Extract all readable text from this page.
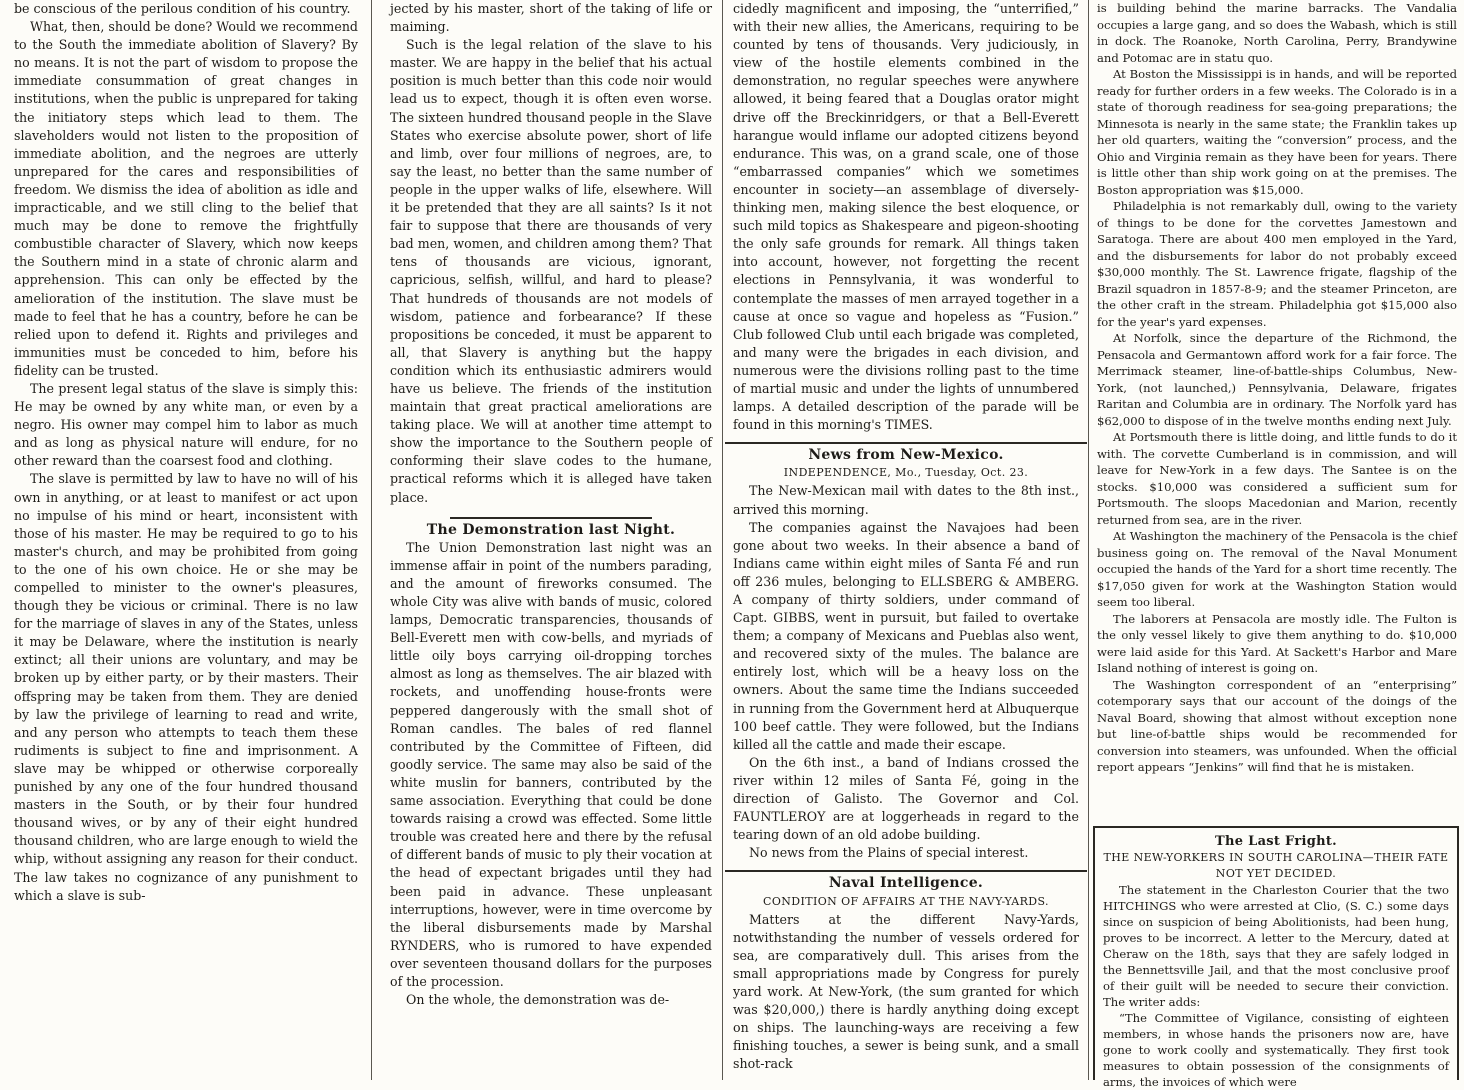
be conscious of the perilous condition of his country.

What, then, should be done? Would we recommend to the South the immediate abolition of Slavery? By no means. It is not the part of wisdom to propose the immediate consummation of great changes in institutions, when the public is unprepared for taking the initiatory steps which lead to them. The slaveholders would not listen to the proposition of immediate abolition, and the negroes are utterly unprepared for the cares and responsibilities of freedom. We dismiss the idea of abolition as idle and impracticable, and we still cling to the belief that much may be done to remove the frightfully combustible character of Slavery, which now keeps the Southern mind in a state of chronic alarm and apprehension. This can only be effected by the amelioration of the institution. The slave must be made to feel that he has a country, before he can be relied upon to defend it. Rights and privileges and immunities must be conceded to him, before his fidelity can be trusted.

The present legal status of the slave is simply this: He may be owned by any white man, or even by a negro. His owner may compel him to labor as much and as long as physical nature will endure, for no other reward than the coarsest food and clothing.

The slave is permitted by law to have no will of his own in anything, or at least to manifest or act upon no impulse of his mind or heart, inconsistent with those of his master. He may be required to go to his master's church, and may be prohibited from going to the one of his own choice. He or she may be compelled to minister to the owner's pleasures, though they be vicious or criminal. There is no law for the marriage of slaves in any of the States, unless it may be Delaware, where the institution is nearly extinct; all their unions are voluntary, and may be broken up by either party, or by their masters. Their offspring may be taken from them. They are denied by law the privilege of learning to read and write, and any person who attempts to teach them these rudiments is subject to fine and imprisonment. A slave may be whipped or otherwise corporeally punished by any one of the four hundred thousand masters in the South, or by their four hundred thousand wives, or by any of their eight hundred thousand children, who are large enough to wield the whip, without assigning any reason for their conduct. The law takes no cognizance of any punishment to which a slave is sub-

jected by his master, short of the taking of life or maiming.

Such is the legal relation of the slave to his master. We are happy in the belief that his actual position is much better than this code noir would lead us to expect, though it is often even worse. The sixteen hundred thousand people in the Slave States who exercise absolute power, short of life and limb, over four millions of negroes, are, to say the least, no better than the same number of people in the upper walks of life, elsewhere. Will it be pretended that they are all saints? Is it not fair to suppose that there are thousands of very bad men, women, and children among them? That tens of thousands are vicious, ignorant, capricious, selfish, willful, and hard to please? That hundreds of thousands are not models of wisdom, patience and forbearance? If these propositions be conceded, it must be apparent to all, that Slavery is anything but the happy condition which its enthusiastic admirers would have us believe. The friends of the institution maintain that great practical ameliorations are taking place. We will at another time attempt to show the importance to the Southern people of conforming their slave codes to the humane, practical reforms which it is alleged have taken place.

The Demonstration last Night.

The Union Demonstration last night was an immense affair in point of the numbers parading, and the amount of fireworks consumed. The whole City was alive with bands of music, colored lamps, Democratic transparencies, thousands of Bell-Everett men with cow-bells, and myriads of little oily boys carrying oil-dropping torches almost as long as themselves. The air blazed with rockets, and unoffending house-fronts were peppered dangerously with the small shot of Roman candles. The bales of red flannel contributed by the Committee of Fifteen, did goodly service. The same may also be said of the white muslin for banners, contributed by the same association. Everything that could be done towards raising a crowd was effected. Some little trouble was created here and there by the refusal of different bands of music to ply their vocation at the head of expectant brigades until they had been paid in advance. These unpleasant interruptions, however, were in time overcome by the liberal disbursements made by Marshal RYNDERS, who is rumored to have expended over seventeen thousand dollars for the purposes of the procession.

On the whole, the demonstration was de-

cidedly magnificent and imposing, the “unterrified,” with their new allies, the Americans, requiring to be counted by tens of thousands. Very judiciously, in view of the hostile elements combined in the demonstration, no regular speeches were anywhere allowed, it being feared that a Douglas orator might drive off the Breckinridgers, or that a Bell-Everett harangue would inflame our adopted citizens beyond endurance. This was, on a grand scale, one of those “embarrassed companies” which we sometimes encounter in society—an assemblage of diversely-thinking men, making silence the best eloquence, or such mild topics as Shakespeare and pigeon-shooting the only safe grounds for remark. All things taken into account, however, not forgetting the recent elections in Pennsylvania, it was wonderful to contemplate the masses of men arrayed together in a cause at once so vague and hopeless as “Fusion.” Club followed Club until each brigade was completed, and many were the brigades in each division, and numerous were the divisions rolling past to the time of martial music and under the lights of unnumbered lamps. A detailed description of the parade will be found in this morning's TIMES.

News from New-Mexico.

INDEPENDENCE, Mo., Tuesday, Oct. 23.

The New-Mexican mail with dates to the 8th inst., arrived this morning.

The companies against the Navajoes had been gone about two weeks. In their absence a band of Indians came within eight miles of Santa Fé and run off 236 mules, belonging to ELLSBERG & AMBERG. A company of thirty soldiers, under command of Capt. GIBBS, went in pursuit, but failed to overtake them; a company of Mexicans and Pueblas also went, and recovered sixty of the mules. The balance are entirely lost, which will be a heavy loss on the owners. About the same time the Indians succeeded in running from the Government herd at Albuquerque 100 beef cattle. They were followed, but the Indians killed all the cattle and made their escape.

On the 6th inst., a band of Indians crossed the river within 12 miles of Santa Fé, going in the direction of Galisto. The Governor and Col. FAUNTLEROY are at loggerheads in regard to the tearing down of an old adobe building.

No news from the Plains of special interest.

Naval Intelligence.

CONDITION OF AFFAIRS AT THE NAVY-YARDS.

Matters at the different Navy-Yards, notwithstanding the number of vessels ordered for sea, are comparatively dull. This arises from the small appropriations made by Congress for purely yard work. At New-York, (the sum granted for which was $20,000,) there is hardly anything doing except on ships. The launching-ways are receiving a few finishing touches, a sewer is being sunk, and a small shot-rack

is building behind the marine barracks. The Vandalia occupies a large gang, and so does the Wabash, which is still in dock. The Roanoke, North Carolina, Perry, Brandywine and Potomac are in statu quo.

At Boston the Mississippi is in hands, and will be reported ready for further orders in a few weeks. The Colorado is in a state of thorough readiness for sea-going preparations; the Minnesota is nearly in the same state; the Franklin takes up her old quarters, waiting the “conversion” process, and the Ohio and Virginia remain as they have been for years. There is little other than ship work going on at the premises. The Boston appropriation was $15,000.

Philadelphia is not remarkably dull, owing to the variety of things to be done for the corvettes Jamestown and Saratoga. There are about 400 men employed in the Yard, and the disbursements for labor do not probably exceed $30,000 monthly. The St. Lawrence frigate, flagship of the Brazil squadron in 1857-8-9; and the steamer Princeton, are the other craft in the stream. Philadelphia got $15,000 also for the year's yard expenses.

At Norfolk, since the departure of the Richmond, the Pensacola and Germantown afford work for a fair force. The Merrimack steamer, line-of-battle-ships Columbus, New-York, (not launched,) Pennsylvania, Delaware, frigates Raritan and Columbia are in ordinary. The Norfolk yard has $62,000 to dispose of in the twelve months ending next July.

At Portsmouth there is little doing, and little funds to do it with. The corvette Cumberland is in commission, and will leave for New-York in a few days. The Santee is on the stocks. $10,000 was considered a sufficient sum for Portsmouth. The sloops Macedonian and Marion, recently returned from sea, are in the river.

At Washington the machinery of the Pensacola is the chief business going on. The removal of the Naval Monument occupied the hands of the Yard for a short time recently. The $17,050 given for work at the Washington Station would seem too liberal.

The laborers at Pensacola are mostly idle. The Fulton is the only vessel likely to give them anything to do. $10,000 were laid aside for this Yard. At Sackett's Harbor and Mare Island nothing of interest is going on.

The Washington correspondent of an “enterprising” cotemporary says that our account of the doings of the Naval Board, showing that almost without exception none but line-of-battle ships would be recommended for conversion into steamers, was unfounded. When the official report appears “Jenkins” will find that he is mistaken.

The Last Fright.

THE NEW-YORKERS IN SOUTH CAROLINA—THEIR FATE NOT YET DECIDED.

The statement in the Charleston Courier that the two HITCHINGS who were arrested at Clio, (S. C.) some days since on suspicion of being Abolitionists, had been hung, proves to be incorrect. A letter to the Mercury, dated at Cheraw on the 18th, says that they are safely lodged in the Bennettsville Jail, and that the most conclusive proof of their guilt will be needed to secure their conviction. The writer adds:

“The Committee of Vigilance, consisting of eighteen members, in whose hands the prisoners now are, have gone to work coolly and systematically. They first took measures to obtain possession of the consignments of arms, the invoices of which were
